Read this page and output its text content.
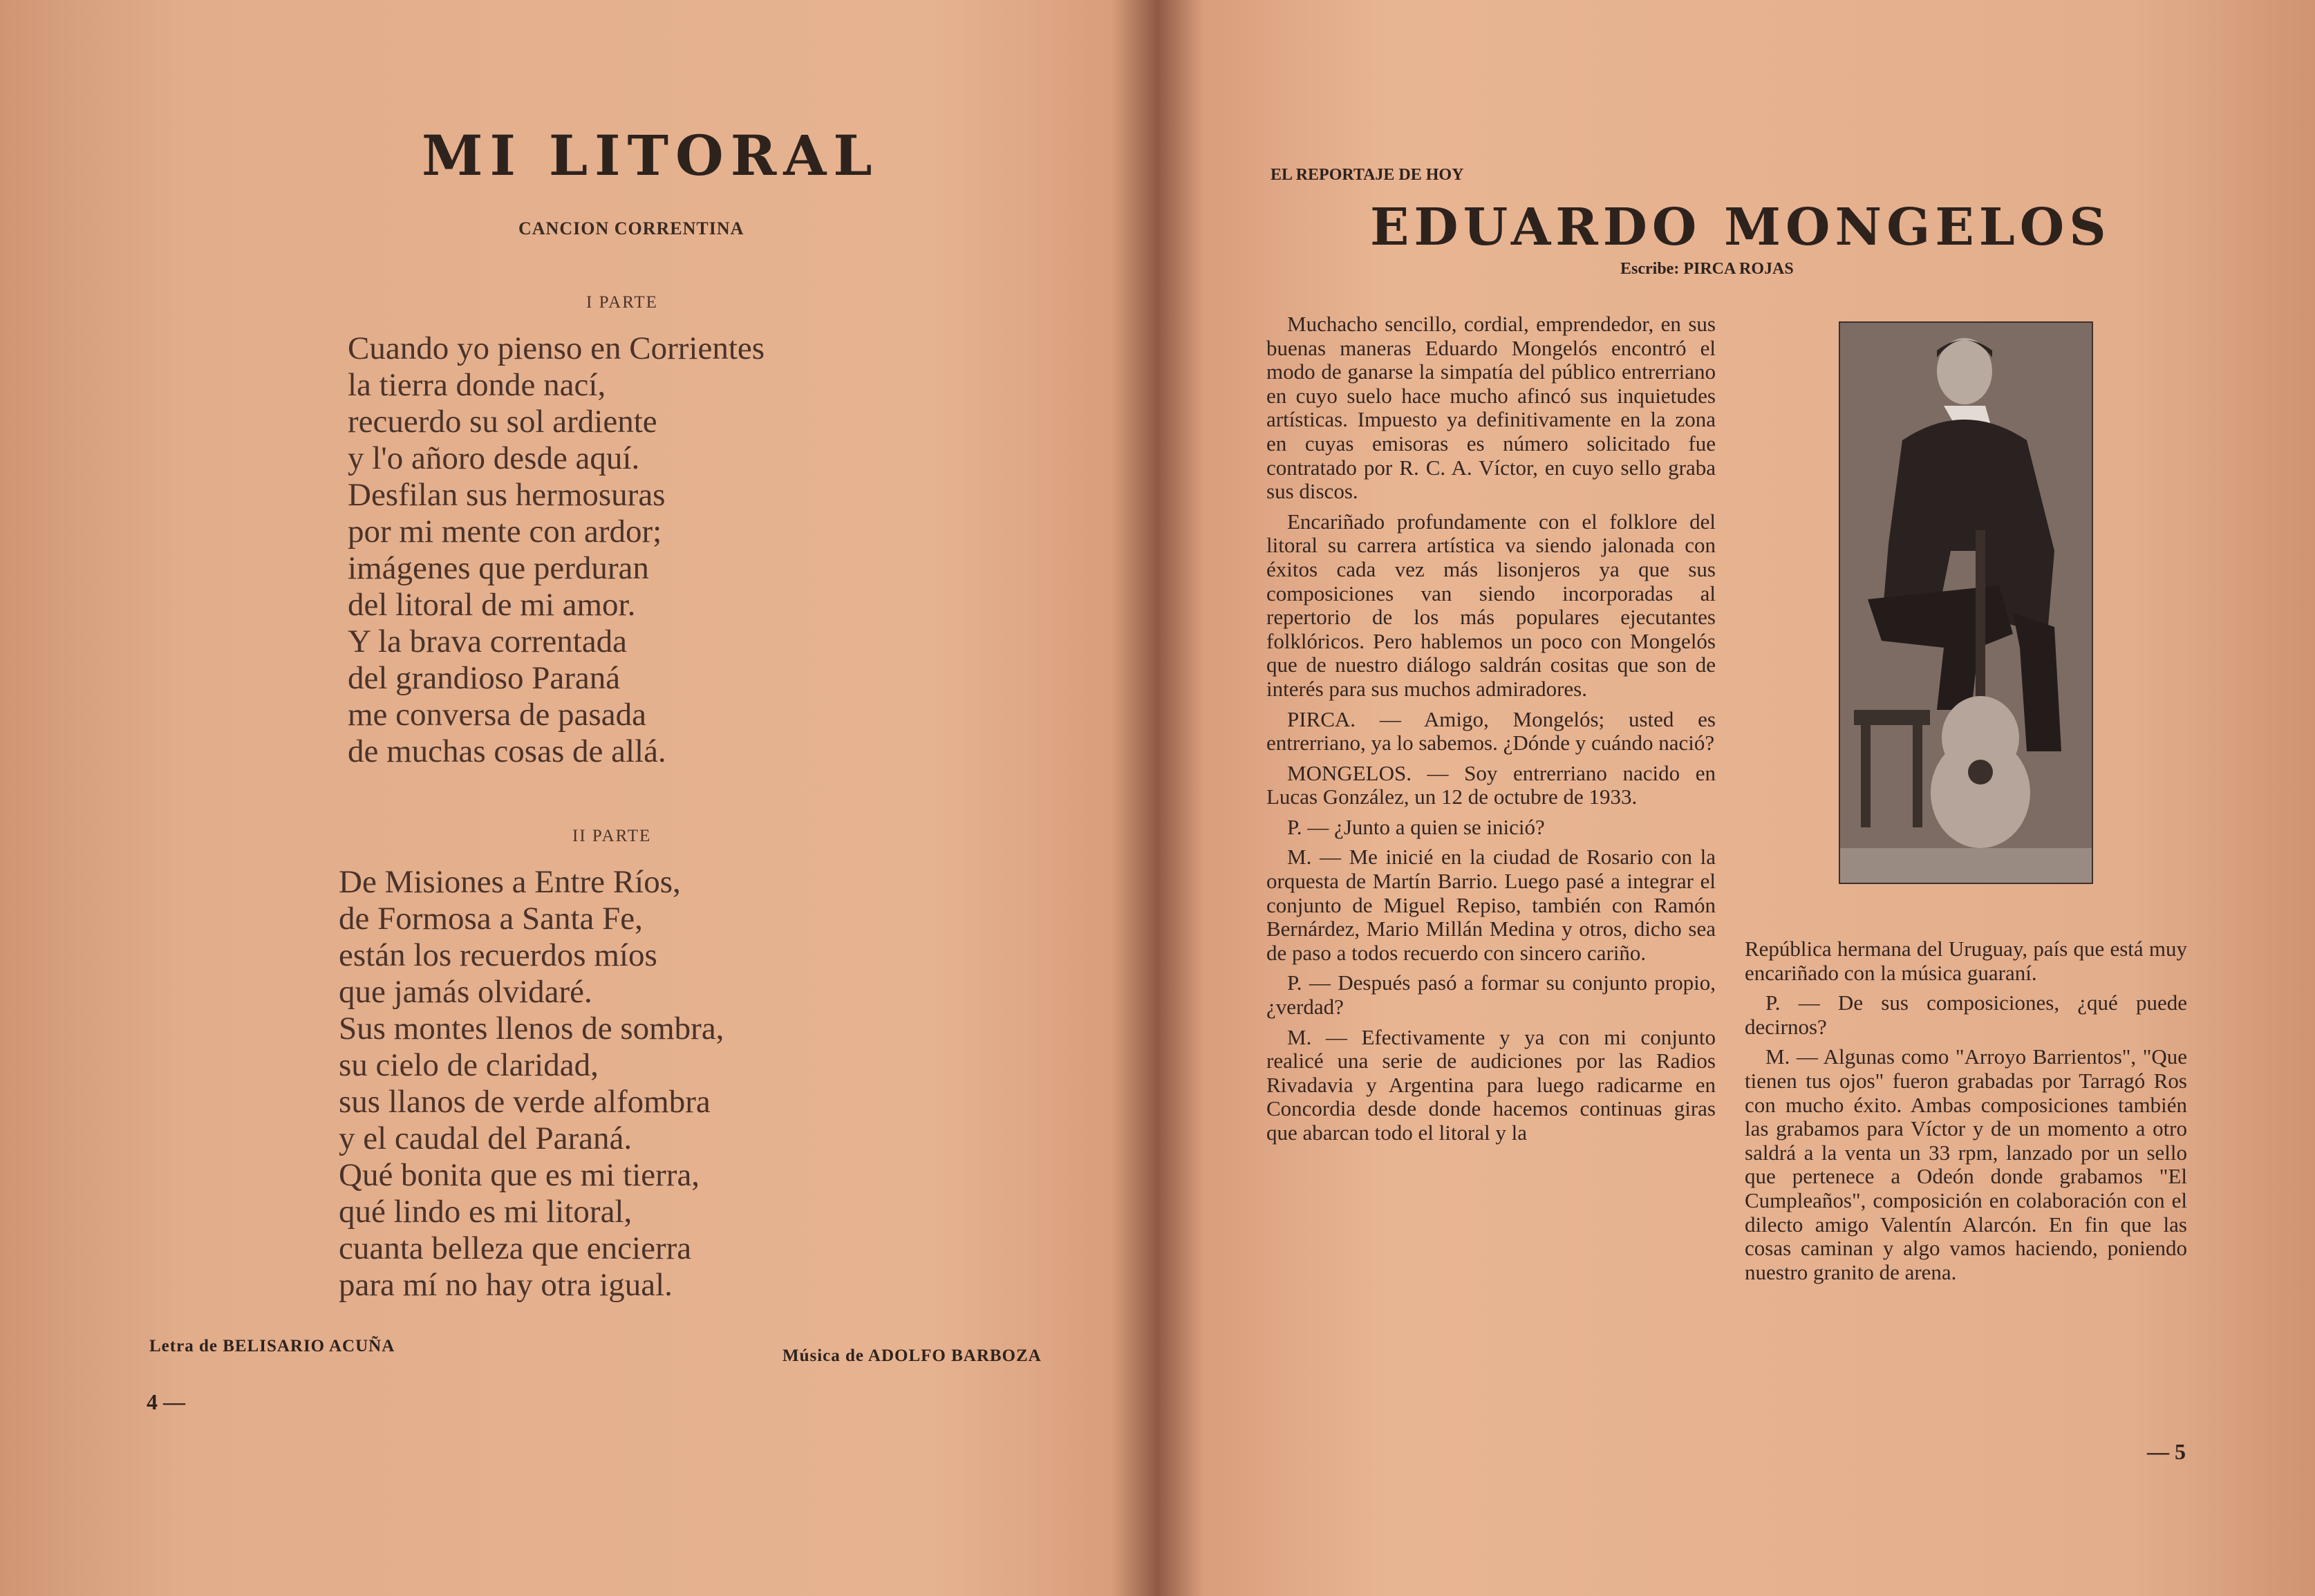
MI LITORAL
CANCION CORRENTINA
I PARTE
Cuando yo pienso en Corrientes
la tierra donde nací,
recuerdo su sol ardiente
y l'o añoro desde aquí.
Desfilan sus hermosuras
por mi mente con ardor;
imágenes que perduran
del litoral de mi amor.
Y la brava correntada
del grandioso Paraná
me conversa de pasada
de muchas cosas de allá.
II PARTE
De Misiones a Entre Ríos,
de Formosa a Santa Fe,
están los recuerdos míos
que jamás olvidaré.
Sus montes llenos de sombra,
su cielo de claridad,
sus llanos de verde alfombra
y el caudal del Paraná.
Qué bonita que es mi tierra,
qué lindo es mi litoral,
cuanta belleza que encierra
para mí no hay otra igual.
Letra de BELISARIO ACUÑA
Música de ADOLFO BARBOZA
4 —
EL REPORTAJE DE HOY
EDUARDO MONGELOS
Escribe: PIRCA ROJAS

Muchacho sencillo, cordial, emprendedor, en sus buenas maneras Eduardo Mongelós encontró el modo de ganarse la simpatía del público entrerriano en cuyo suelo hace mucho afincó sus inquietudes artísticas. Impuesto ya definitivamente en la zona en cuyas emisoras es número solicitado fue contratado por R. C. A. Víctor, en cuyo sello graba sus discos.

Encariñado profundamente con el folklore del litoral su carrera artística va siendo jalonada con éxitos cada vez más lisonjeros ya que sus composiciones van siendo incorporadas al repertorio de los más populares ejecutantes folklóricos. Pero hablemos un poco con Mongelós que de nuestro diálogo saldrán cositas que son de interés para sus muchos admiradores.

PIRCA. — Amigo, Mongelós; usted es entrerriano, ya lo sabemos. ¿Dónde y cuándo nació?

MONGELOS. — Soy entrerriano nacido en Lucas González, un 12 de octubre de 1933.

P. — ¿Junto a quien se inició?

M. — Me inicié en la ciudad de Rosario con la orquesta de Martín Barrio. Luego pasé a integrar el conjunto de Miguel Repiso, también con Ramón Bernárdez, Mario Millán Medina y otros, dicho sea de paso a todos recuerdo con sincero cariño.

P. — Después pasó a formar su conjunto propio, ¿verdad?

M. — Efectivamente y ya con mi conjunto realicé una serie de audiciones por las Radios Rivadavia y Argentina para luego radicarme en Concordia desde donde hacemos continuas giras que abarcan todo el litoral y la

República hermana del Uruguay, país que está muy encariñado con la música guaraní.

P. — De sus composiciones, ¿qué puede decirnos?

M. — Algunas como "Arroyo Barrientos", "Que tienen tus ojos" fueron grabadas por Tarragó Ros con mucho éxito. Ambas composiciones también las grabamos para Víctor y de un momento a otro saldrá a la venta un 33 rpm, lanzado por un sello que pertenece a Odeón donde grabamos "El Cumpleaños", composición en colaboración con el dilecto amigo Valentín Alarcón. En fin que las cosas caminan y algo vamos haciendo, poniendo nuestro granito de arena.

— 5
